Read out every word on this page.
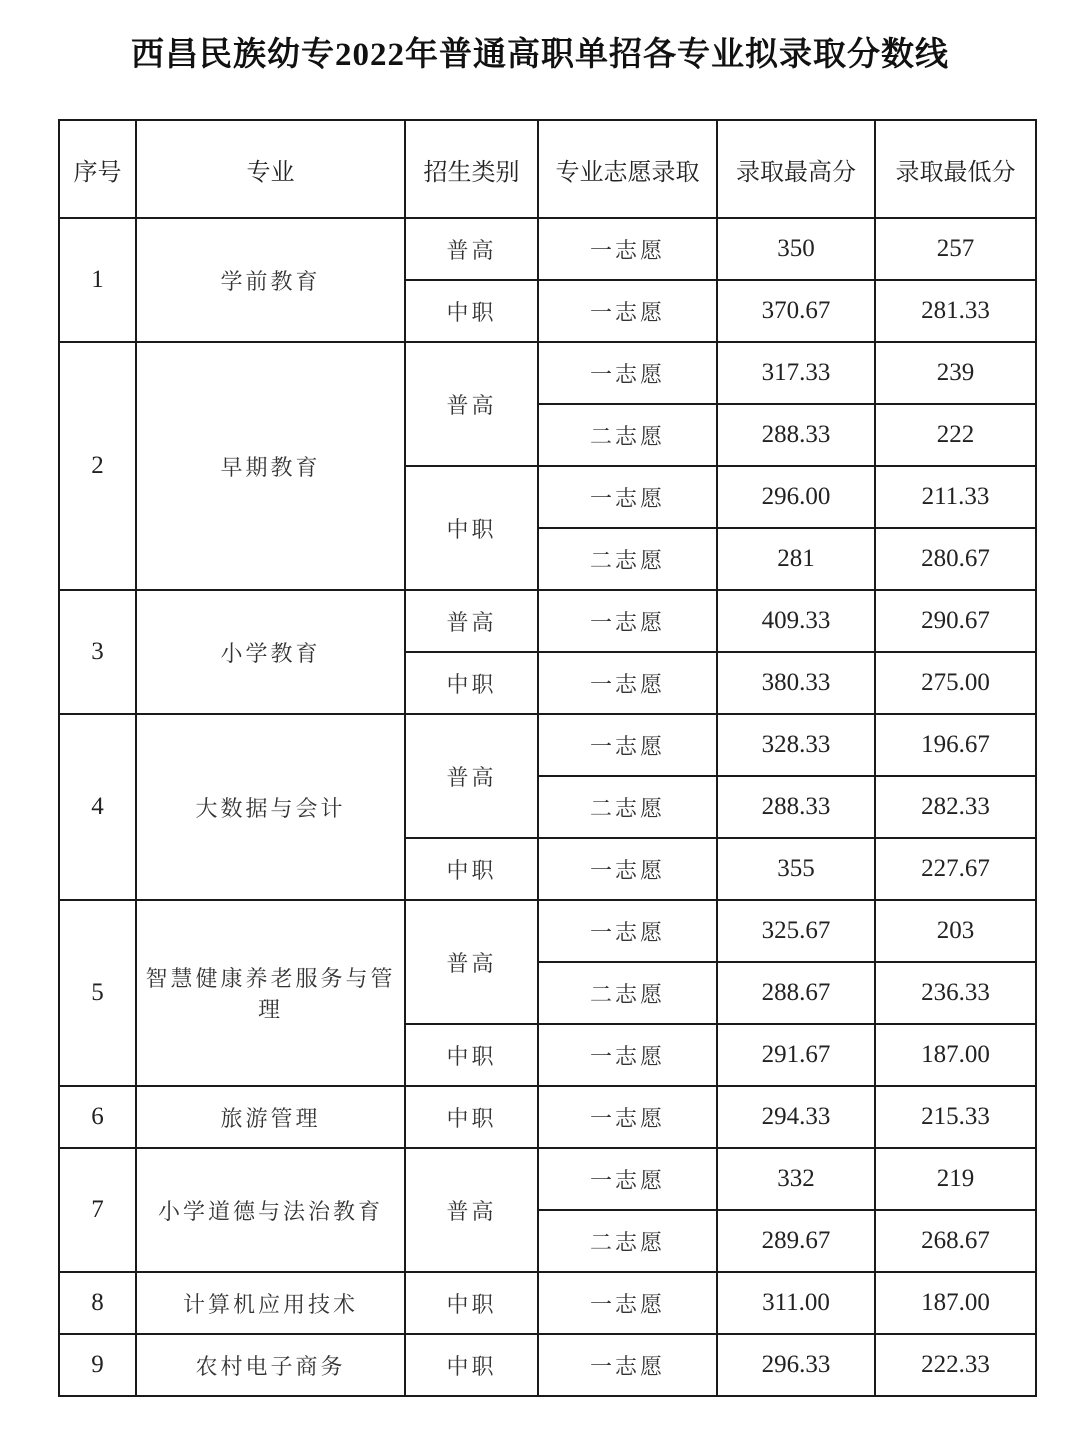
西昌民族幼专2022年普通高职单招各专业拟录取分数线
序号	专业	招生类别	专业志愿录取	录取最高分	录取最低分
1	学前教育	普高	一志愿	350	257
		中职	一志愿	370.67	281.33
2	早期教育	普高	一志愿	317.33	239
			二志愿	288.33	222
		中职	一志愿	296.00	211.33
			二志愿	281	280.67
3	小学教育	普高	一志愿	409.33	290.67
		中职	一志愿	380.33	275.00
4	大数据与会计	普高	一志愿	328.33	196.67
			二志愿	288.33	282.33
		中职	一志愿	355	227.67
5	智慧健康养老服务与管理	普高	一志愿	325.67	203
			二志愿	288.67	236.33
		中职	一志愿	291.67	187.00
6	旅游管理	中职	一志愿	294.33	215.33
7	小学道德与法治教育	普高	一志愿	332	219
			二志愿	289.67	268.67
8	计算机应用技术	中职	一志愿	311.00	187.00
9	农村电子商务	中职	一志愿	296.33	222.33
